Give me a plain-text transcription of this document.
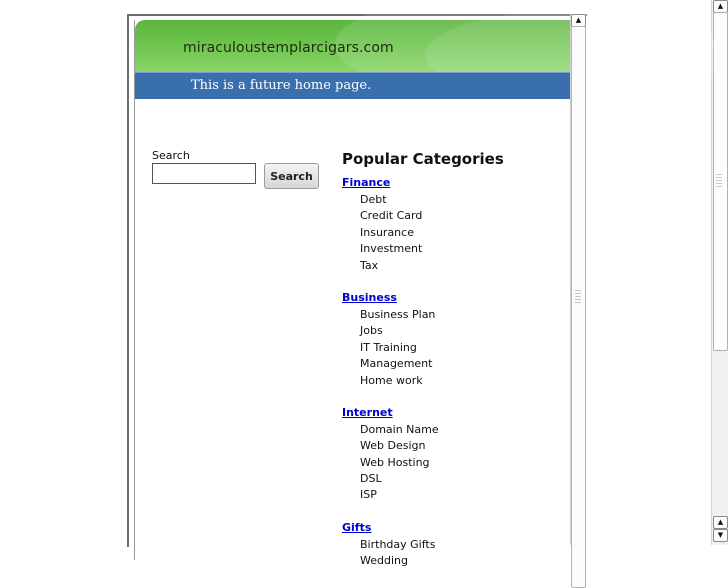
▲
▲
▼
miraculoustemplarcigars.com
This is a future home page.
Search
Search
Popular Categories
Finance
Debt
Credit Card
Insurance
Investment
Tax
Business
Business Plan
Jobs
IT Training
Management
Home work
Internet
Domain Name
Web Design
Web Hosting
DSL
ISP
Gifts
Birthday Gifts
Wedding
▲
